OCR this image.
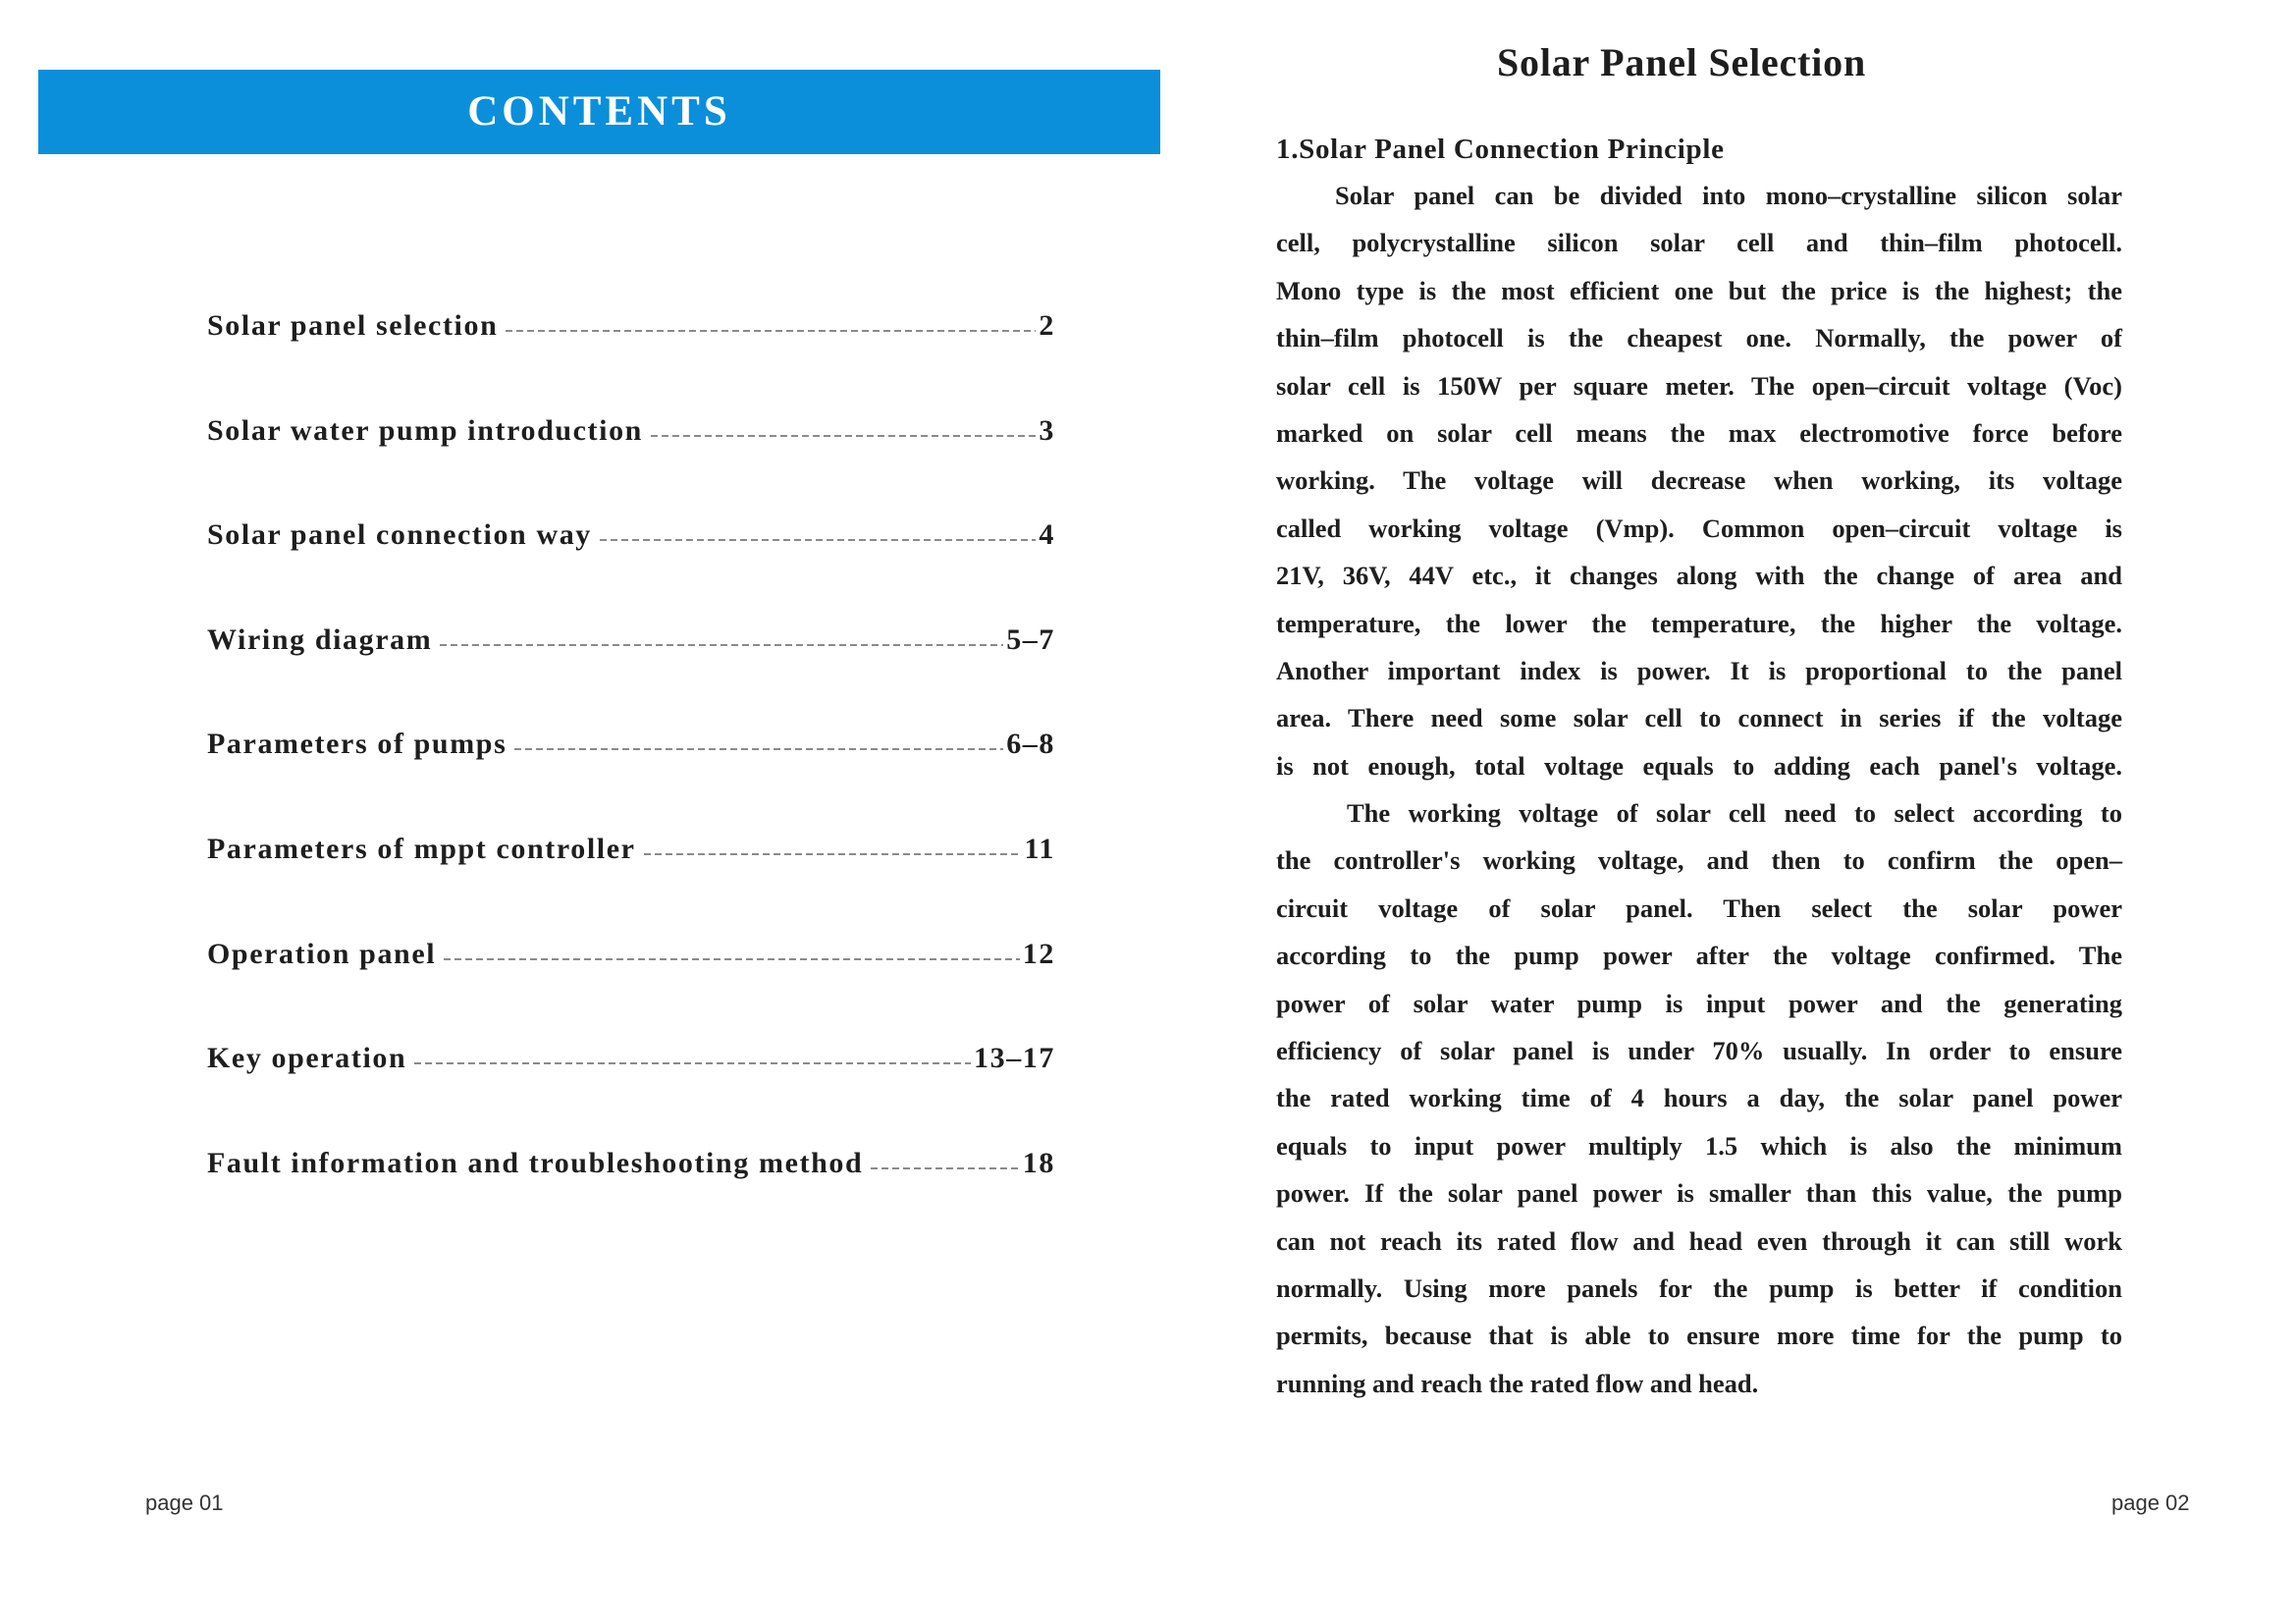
CONTENTS
Solar panel selection	2
Solar water pump introduction	3
Solar panel connection way	4
Wiring diagram	5–7
Parameters of pumps	6–8
Parameters of mppt controller	11
Operation panel	12
Key operation	13–17
Fault information and troubleshooting method	18
page 01
Solar Panel Selection
1.Solar Panel Connection Principle
Solar panel can be divided into mono–crystalline silicon solar
cell, polycrystalline silicon solar cell and thin–film photocell.
Mono type is the most efficient one but the price is the highest; the
thin–film photocell is the cheapest one. Normally, the power of
solar cell is 150W per square meter. The open–circuit voltage (Voc)
marked on solar cell means the max electromotive force before
working. The voltage will decrease when working, its voltage
called working voltage (Vmp). Common open–circuit voltage is
21V, 36V, 44V etc., it changes along with the change of area and
temperature, the lower the temperature, the higher the voltage.
Another important index is power. It is proportional to the panel
area. There need some solar cell to connect in series if the voltage
is not enough, total voltage equals to adding each panel's voltage.
The working voltage of solar cell need to select according to
the controller's working voltage, and then to confirm the open–
circuit voltage of solar panel. Then select the solar power
according to the pump power after the voltage confirmed. The
power of solar water pump is input power and the generating
efficiency of solar panel is under 70% usually. In order to ensure
the rated working time of 4 hours a day, the solar panel power
equals to input power multiply 1.5 which is also the minimum
power. If the solar panel power is smaller than this value, the pump
can not reach its rated flow and head even through it can still work
normally. Using more panels for the pump is better if condition
permits, because that is able to ensure more time for the pump to
running and reach the rated flow and head.
page 02
